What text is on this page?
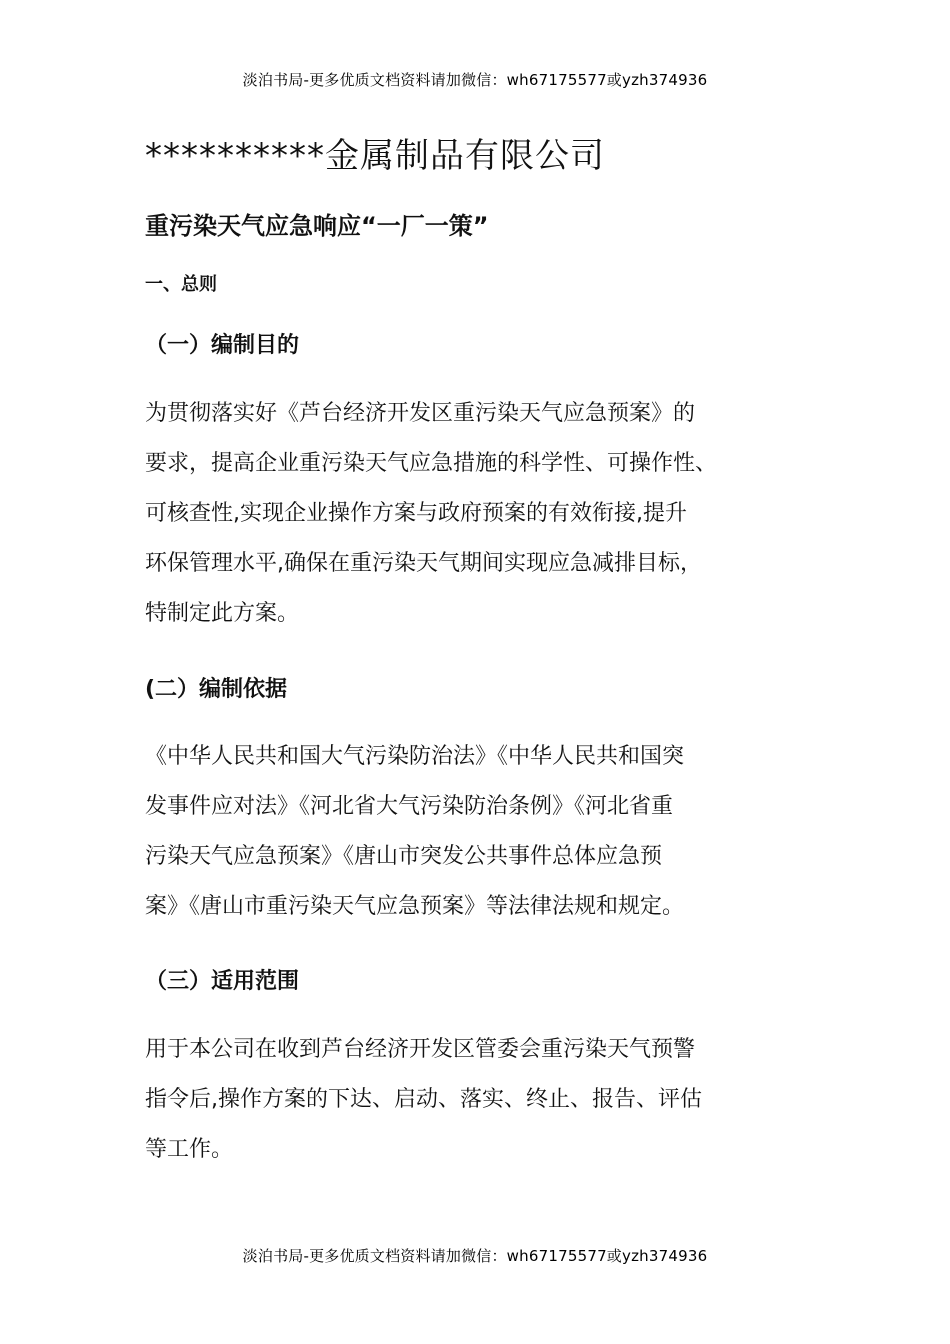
淡泊书局-更多优质文档资料请加微信：wh67175577或yzh374936
**********金属制品有限公司
重污染天气应急响应“一厂一策”
一、总则
（一）编制目的
为贯彻落实好《芦台经济开发区重污染天气应急预案》的
要求，提高企业重污染天气应急措施的科学性、可操作性、
可核查性,实现企业操作方案与政府预案的有效衔接,提升
环保管理水平,确保在重污染天气期间实现应急减排目标，
特制定此方案。
(二）编制依据
《中华人民共和国大气污染防治法》《中华人民共和国突
发事件应对法》《河北省大气污染防治条例》《河北省重
污染天气应急预案》《唐山市突发公共事件总体应急预
案》《唐山市重污染天气应急预案》等法律法规和规定。
（三）适用范围
用于本公司在收到芦台经济开发区管委会重污染天气预警
指令后,操作方案的下达、启动、落实、终止、报告、评估
等工作。
淡泊书局-更多优质文档资料请加微信：wh67175577或yzh374936
